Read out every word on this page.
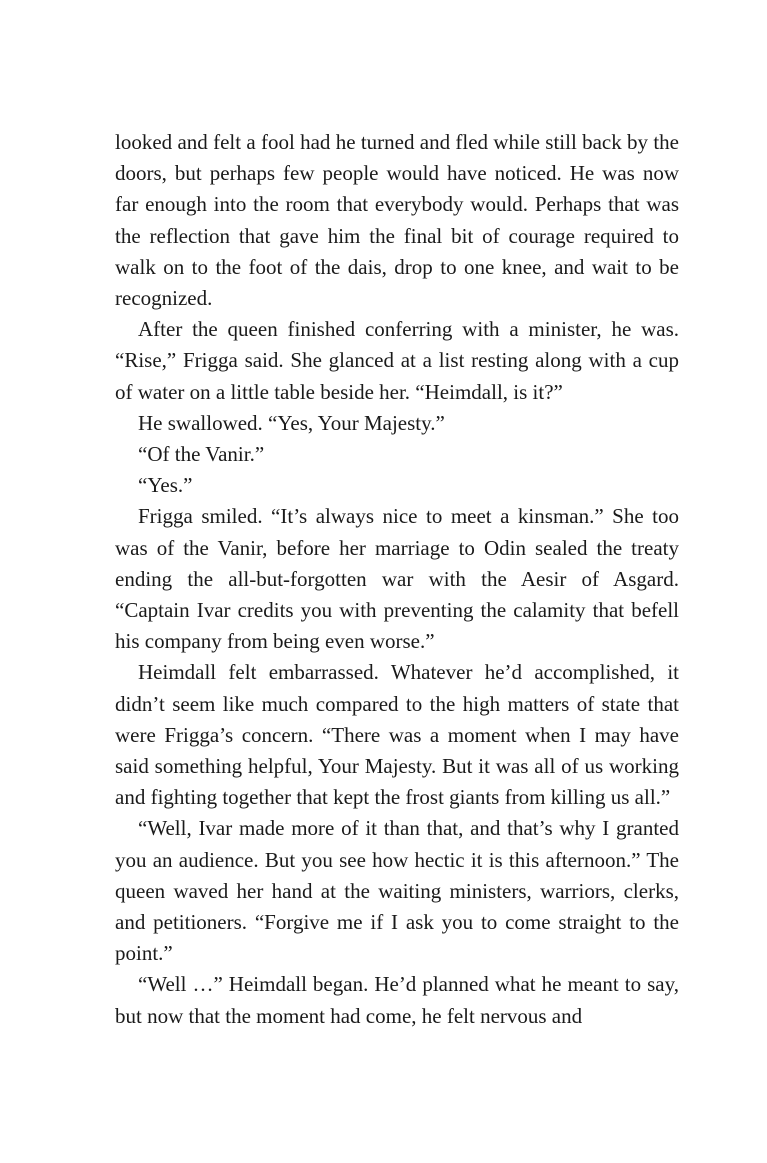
looked and felt a fool had he turned and fled while still back by the doors, but perhaps few people would have noticed. He was now far enough into the room that everybody would. Perhaps that was the reflection that gave him the final bit of courage required to walk on to the foot of the dais, drop to one knee, and wait to be recognized.

After the queen finished conferring with a minister, he was. “Rise,” Frigga said. She glanced at a list resting along with a cup of water on a little table beside her. “Heimdall, is it?”

He swallowed. “Yes, Your Majesty.”

“Of the Vanir.”

“Yes.”

Frigga smiled. “It’s always nice to meet a kinsman.” She too was of the Vanir, before her marriage to Odin sealed the treaty ending the all-but-forgotten war with the Aesir of Asgard. “Captain Ivar credits you with preventing the calamity that befell his company from being even worse.”

Heimdall felt embarrassed. Whatever he’d accomplished, it didn’t seem like much compared to the high matters of state that were Frigga’s concern. “There was a moment when I may have said something helpful, Your Majesty. But it was all of us working and fighting together that kept the frost giants from killing us all.”

“Well, Ivar made more of it than that, and that’s why I granted you an audience. But you see how hectic it is this afternoon.” The queen waved her hand at the waiting ministers, warriors, clerks, and petitioners. “Forgive me if I ask you to come straight to the point.”

“Well …” Heimdall began. He’d planned what he meant to say, but now that the moment had come, he felt nervous and
